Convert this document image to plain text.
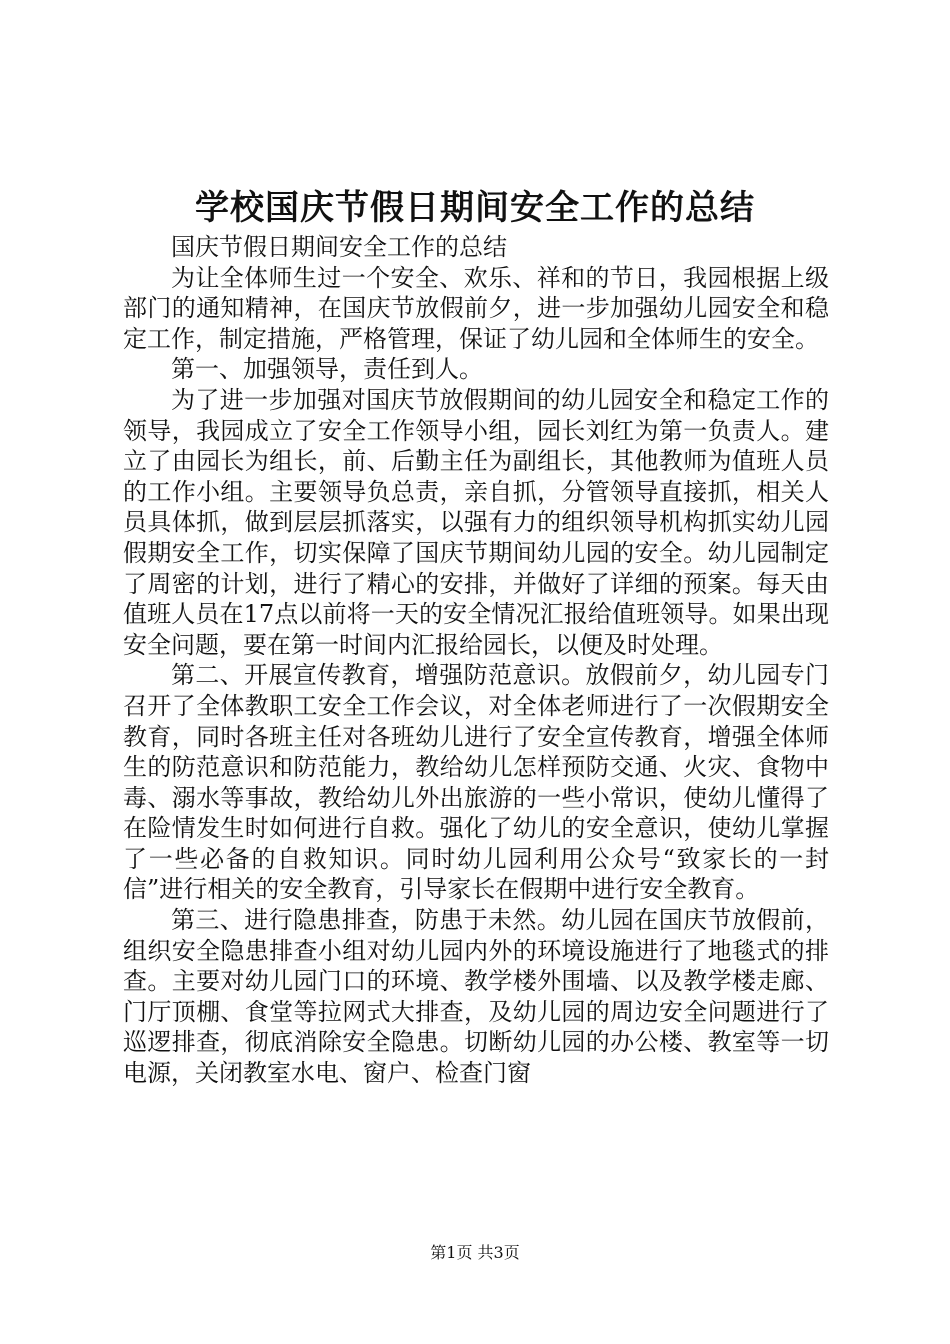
学校国庆节假日期间安全工作的总结

国庆节假日期间安全工作的总结

为让全体师生过一个安全、欢乐、祥和的节日，我园根据上级部门的通知精神，在国庆节放假前夕，进一步加强幼儿园安全和稳定工作，制定措施，严格管理，保证了幼儿园和全体师生的安全。

第一、加强领导，责任到人。

为了进一步加强对国庆节放假期间的幼儿园安全和稳定工作的领导，我园成立了安全工作领导小组，园长刘红为第一负责人。建立了由园长为组长，前、后勤主任为副组长，其他教师为值班人员的工作小组。主要领导负总责，亲自抓，分管领导直接抓，相关人员具体抓，做到层层抓落实，以强有力的组织领导机构抓实幼儿园假期安全工作，切实保障了国庆节期间幼儿园的安全。幼儿园制定了周密的计划，进行了精心的安排，并做好了详细的预案。每天由值班人员在17点以前将一天的安全情况汇报给值班领导。如果出现安全问题，要在第一时间内汇报给园长，以便及时处理。

第二、开展宣传教育，增强防范意识。放假前夕，幼儿园专门召开了全体教职工安全工作会议，对全体老师进行了一次假期安全教育，同时各班主任对各班幼儿进行了安全宣传教育，增强全体师生的防范意识和防范能力，教给幼儿怎样预防交通、火灾、食物中毒、溺水等事故，教给幼儿外出旅游的一些小常识，使幼儿懂得了在险情发生时如何进行自救。强化了幼儿的安全意识，使幼儿掌握了一些必备的自救知识。同时幼儿园利用公众号“致家长的一封信”进行相关的安全教育，引导家长在假期中进行安全教育。

第三、进行隐患排查，防患于未然。幼儿园在国庆节放假前，组织安全隐患排查小组对幼儿园内外的环境设施进行了地毯式的排查。主要对幼儿园门口的环境、教学楼外围墙、以及教学楼走廊、门厅顶棚、食堂等拉网式大排查，及幼儿园的周边安全问题进行了巡逻排查，彻底消除安全隐患。切断幼儿园的办公楼、教室等一切电源，关闭教室水电、窗户、检查门窗

第1页 共3页
